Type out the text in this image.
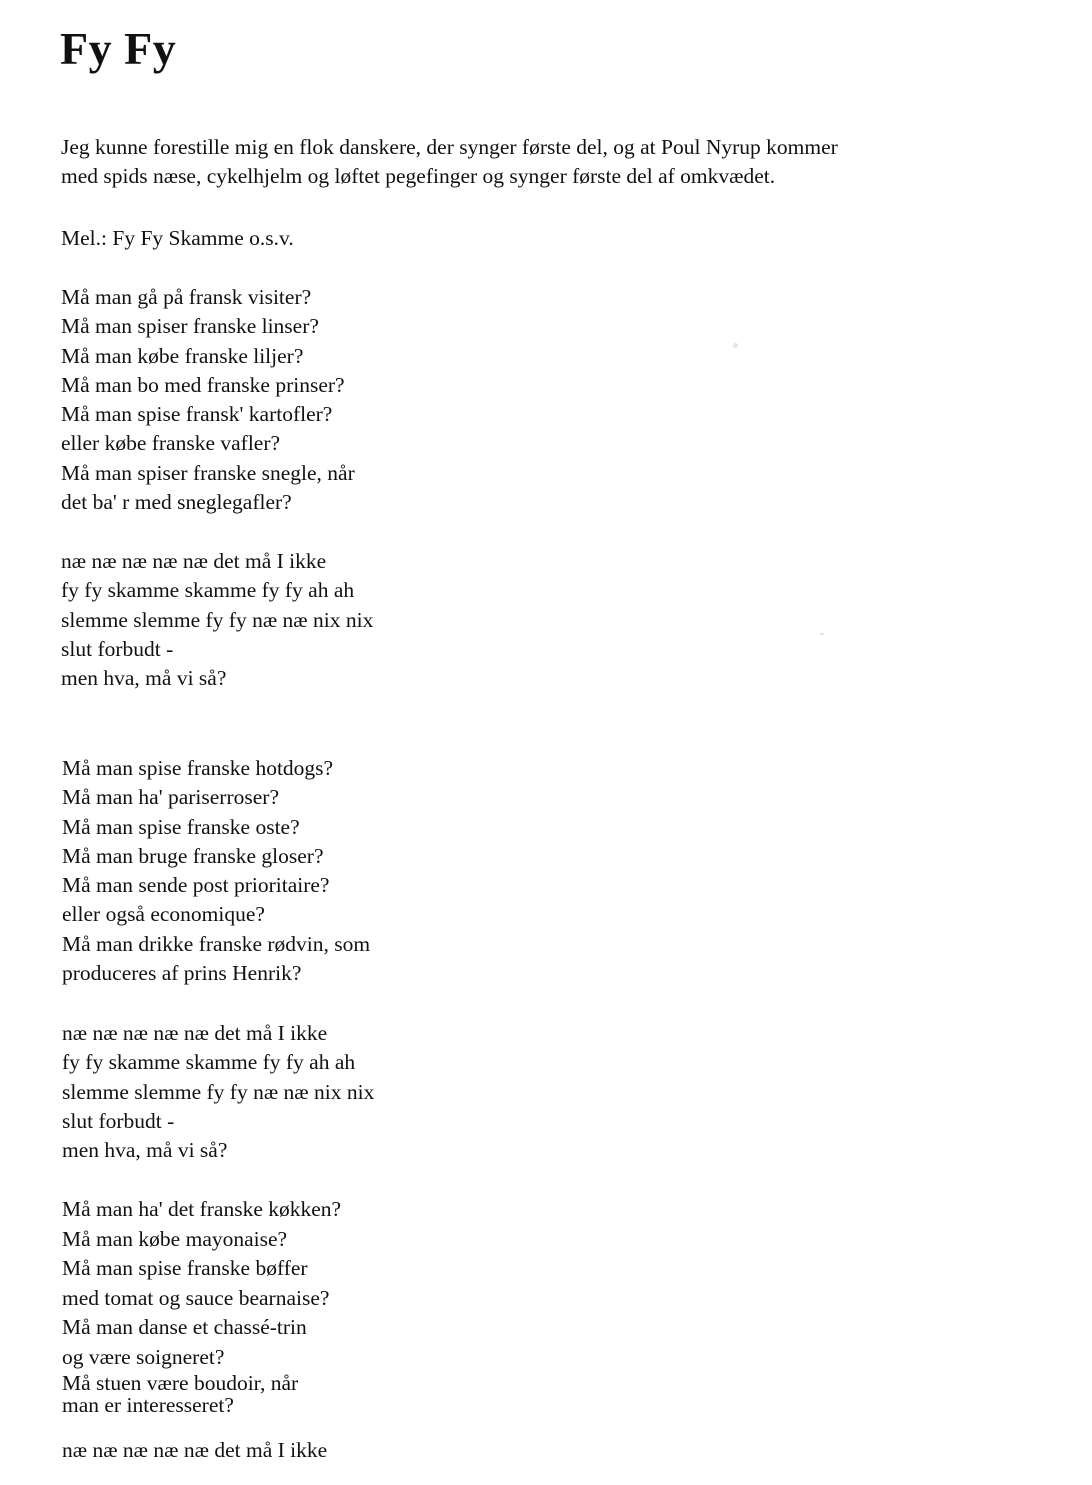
Fy Fy

Jeg kunne forestille mig en flok danskere, der synger første del, og at Poul Nyrup kommer
med spids næse, cykelhjelm og løftet pegefinger og synger første del af omkvædet.

Mel.: Fy Fy Skamme o.s.v.

Må man gå på fransk visiter?
Må man spiser franske linser?
Må man købe franske liljer?
Må man bo med franske prinser?
Må man spise fransk' kartofler?
eller købe franske vafler?
Må man spiser franske snegle, når
det ba' r med sneglegafler?
næ næ næ næ næ det må I ikke
fy fy skamme skamme fy fy ah ah
slemme slemme fy fy næ næ nix nix
slut forbudt -
men hva, må vi så?
Må man spise franske hotdogs?
Må man ha' pariserroser?
Må man spise franske oste?
Må man bruge franske gloser?
Må man sende post prioritaire?
eller også economique?
Må man drikke franske rødvin, som
produceres af prins Henrik?
næ næ næ næ næ det må I ikke
fy fy skamme skamme fy fy ah ah
slemme slemme fy fy næ næ nix nix
slut forbudt -
men hva, må vi så?
Må man ha' det franske køkken?
Må man købe mayonaise?
Må man spise franske bøffer
med tomat og sauce bearnaise?
Må man danse et chassé-trin
og være soigneret?
Må stuen være boudoir, når
man er interesseret?
næ næ næ næ næ det må I ikke
